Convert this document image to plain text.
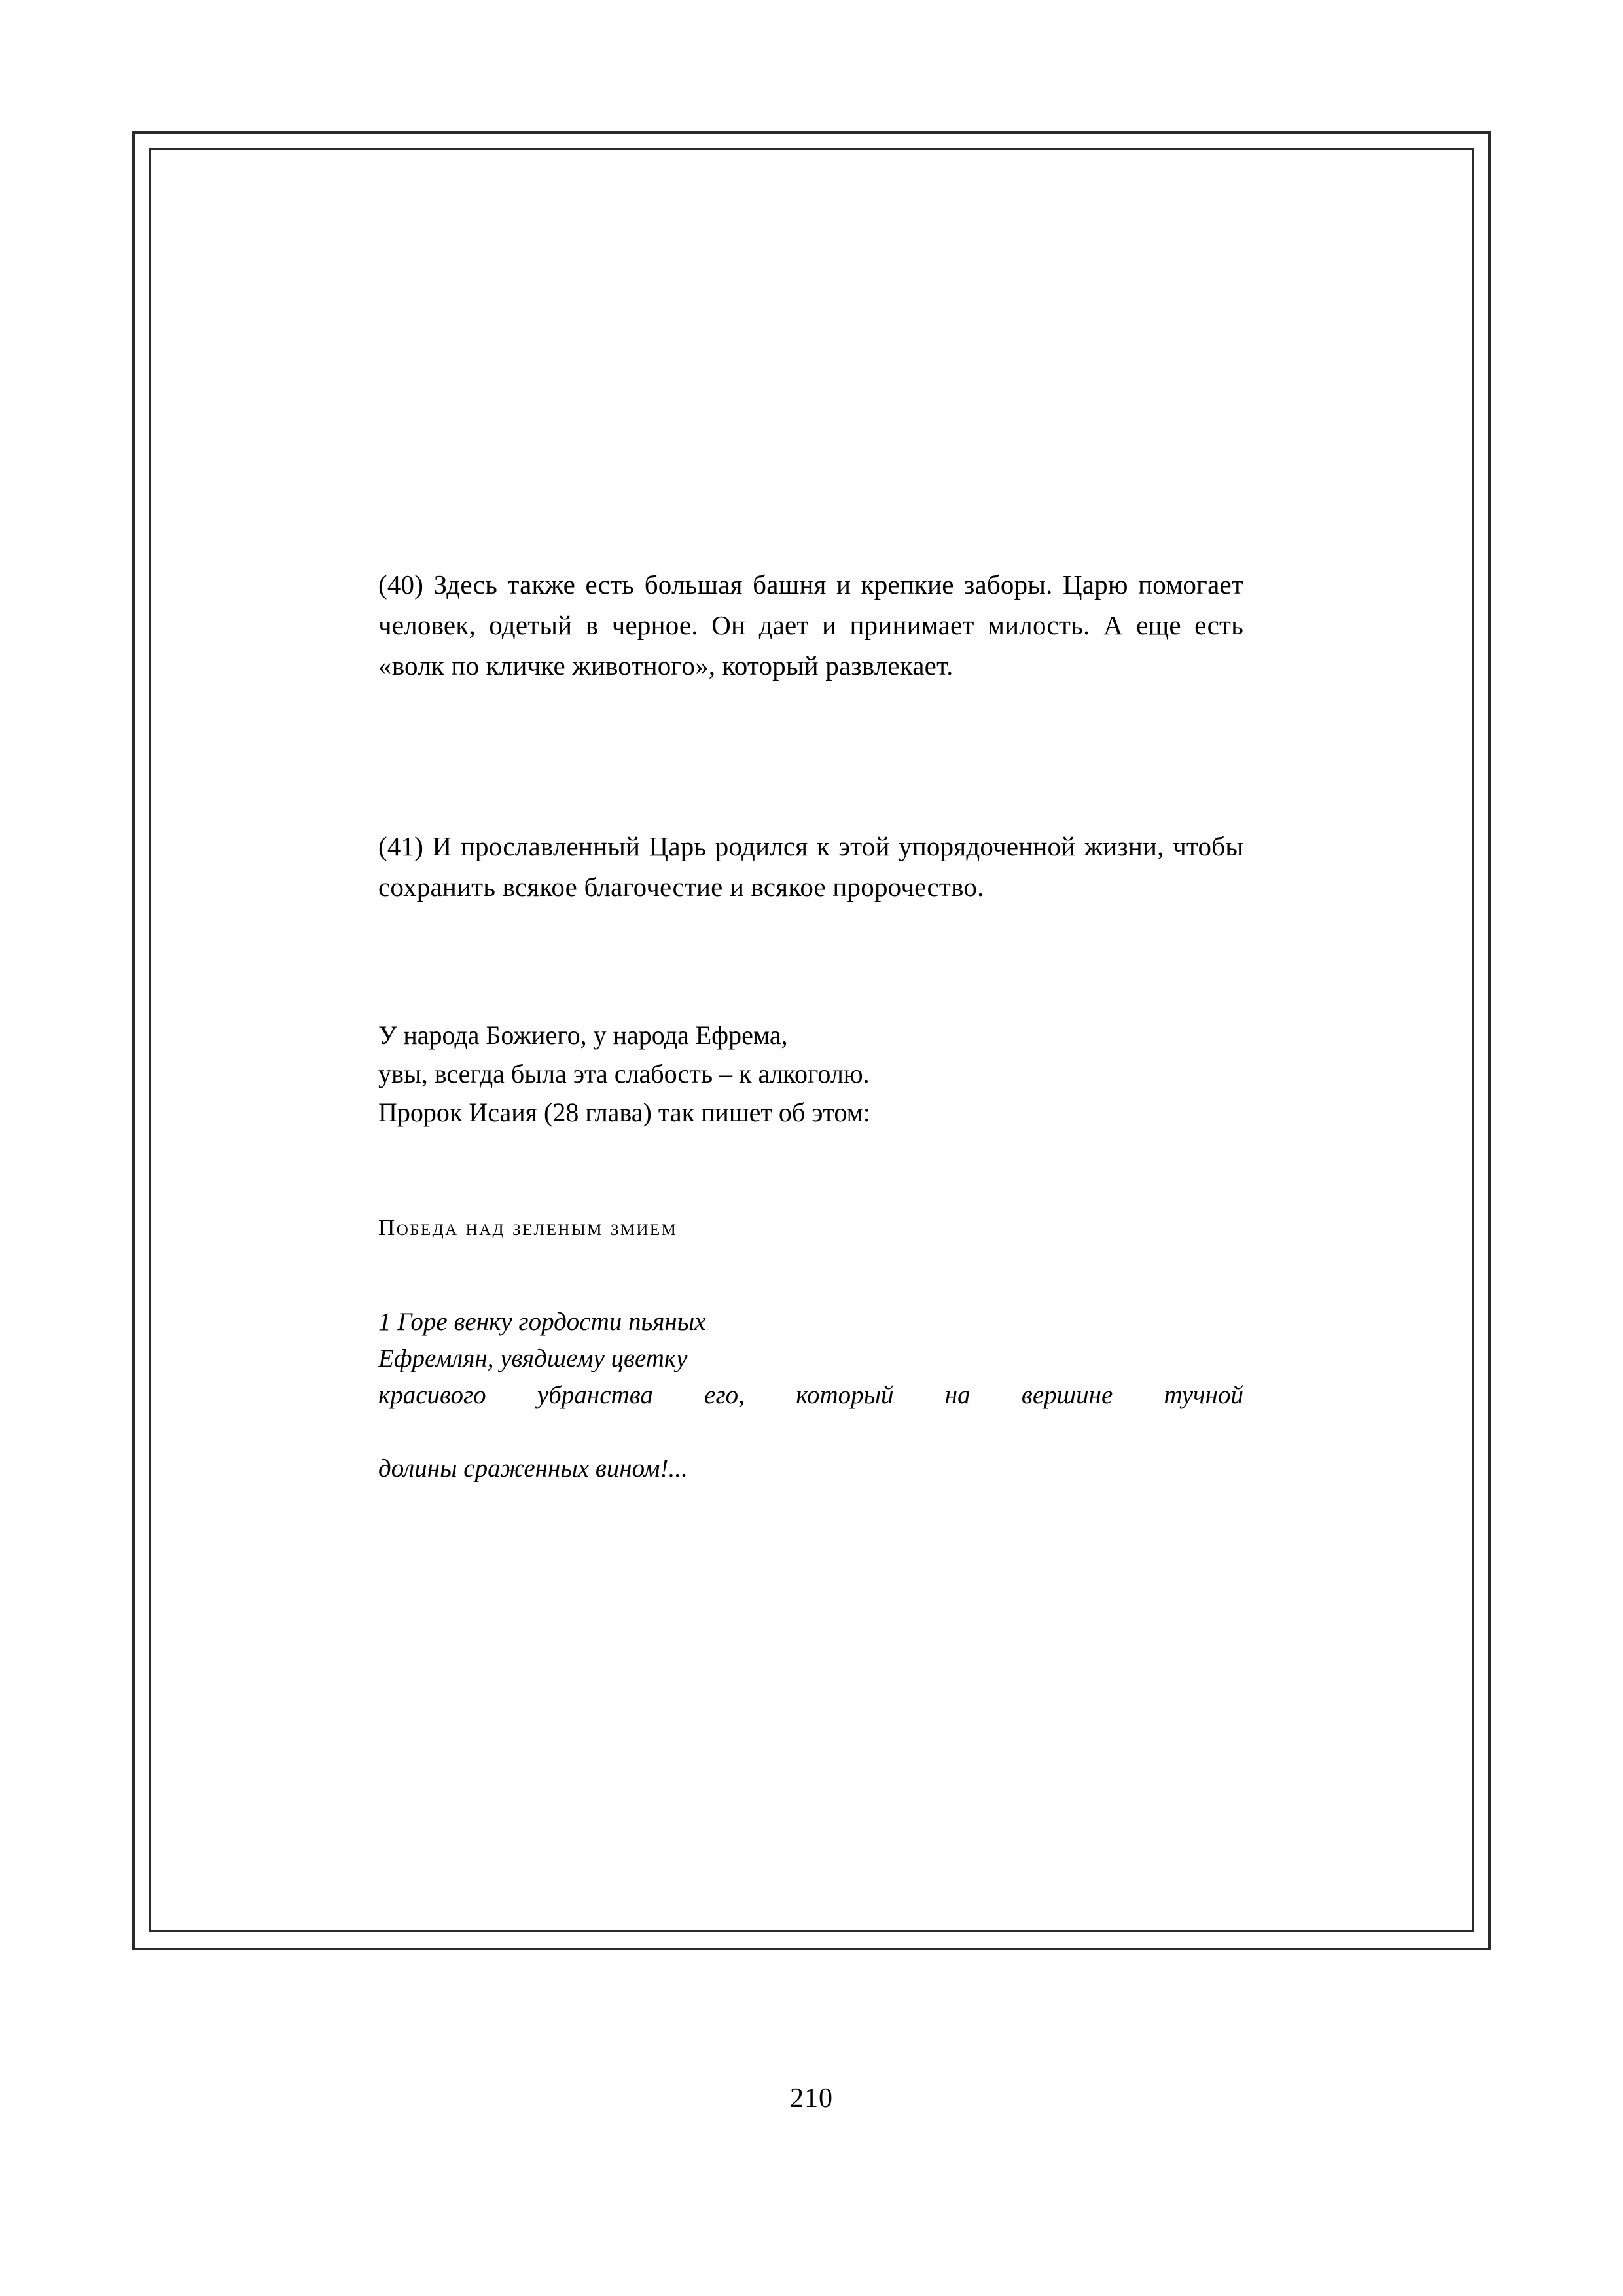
(40) Здесь также есть большая башня и крепкие заборы. Царю помогает человек, одетый в черное. Он дает и принимает милость. А еще есть «волк по кличке животного», который развлекает.

(41) И прославленный Царь родился к этой упорядоченной жизни, чтобы сохранить всякое благочестие и всякое пророчество.

У народа Божиего, у народа Ефрема,
увы, всегда была эта слабость – к алкоголю.
Пророк Исаия (28 глава) так пишет об этом:
Победа над зеленым змием
1 Горе венку гордости пьяных
Ефремлян, увядшему цветку
красивого убранства его, который на вершине тучной
долины сраженных вином!...
210
